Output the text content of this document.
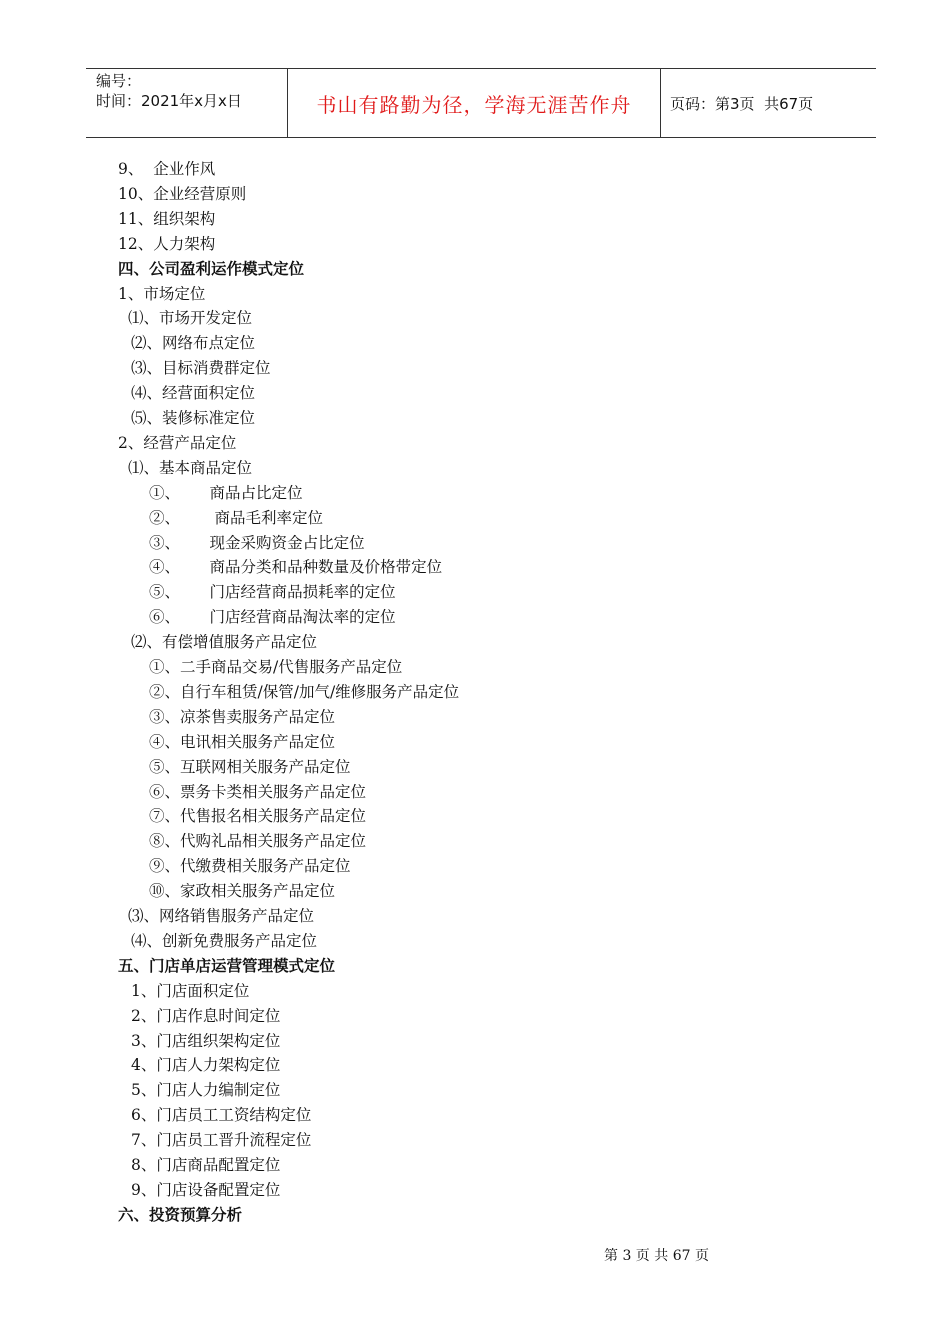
编号：
时间：2021年x月x日	书山有路勤为径，学海无涯苦作舟	页码：第3页  共67页
9、  企业作风
10、企业经营原则
11、组织架构
12、人力架构
四、公司盈利运作模式定位
1、市场定位
⑴、市场开发定位
⑵、网络布点定位
⑶、目标消费群定位
⑷、经营面积定位
⑸、装修标准定位
2、经营产品定位
⑴、基本商品定位
①、      商品占比定位
②、       商品毛利率定位
③、      现金采购资金占比定位
④、      商品分类和品种数量及价格带定位
⑤、      门店经营商品损耗率的定位
⑥、      门店经营商品淘汰率的定位
⑵、有偿增值服务产品定位
①、二手商品交易/代售服务产品定位
②、自行车租赁/保管/加气/维修服务产品定位
③、凉茶售卖服务产品定位
④、电讯相关服务产品定位
⑤、互联网相关服务产品定位
⑥、票务卡类相关服务产品定位
⑦、代售报名相关服务产品定位
⑧、代购礼品相关服务产品定位
⑨、代缴费相关服务产品定位
⑩、家政相关服务产品定位
⑶、网络销售服务产品定位
⑷、创新免费服务产品定位
五、门店单店运营管理模式定位
1、门店面积定位
2、门店作息时间定位
3、门店组织架构定位
4、门店人力架构定位
5、门店人力编制定位
6、门店员工工资结构定位
7、门店员工晋升流程定位
8、门店商品配置定位
9、门店设备配置定位
六、投资预算分析
第 3 页 共 67 页
